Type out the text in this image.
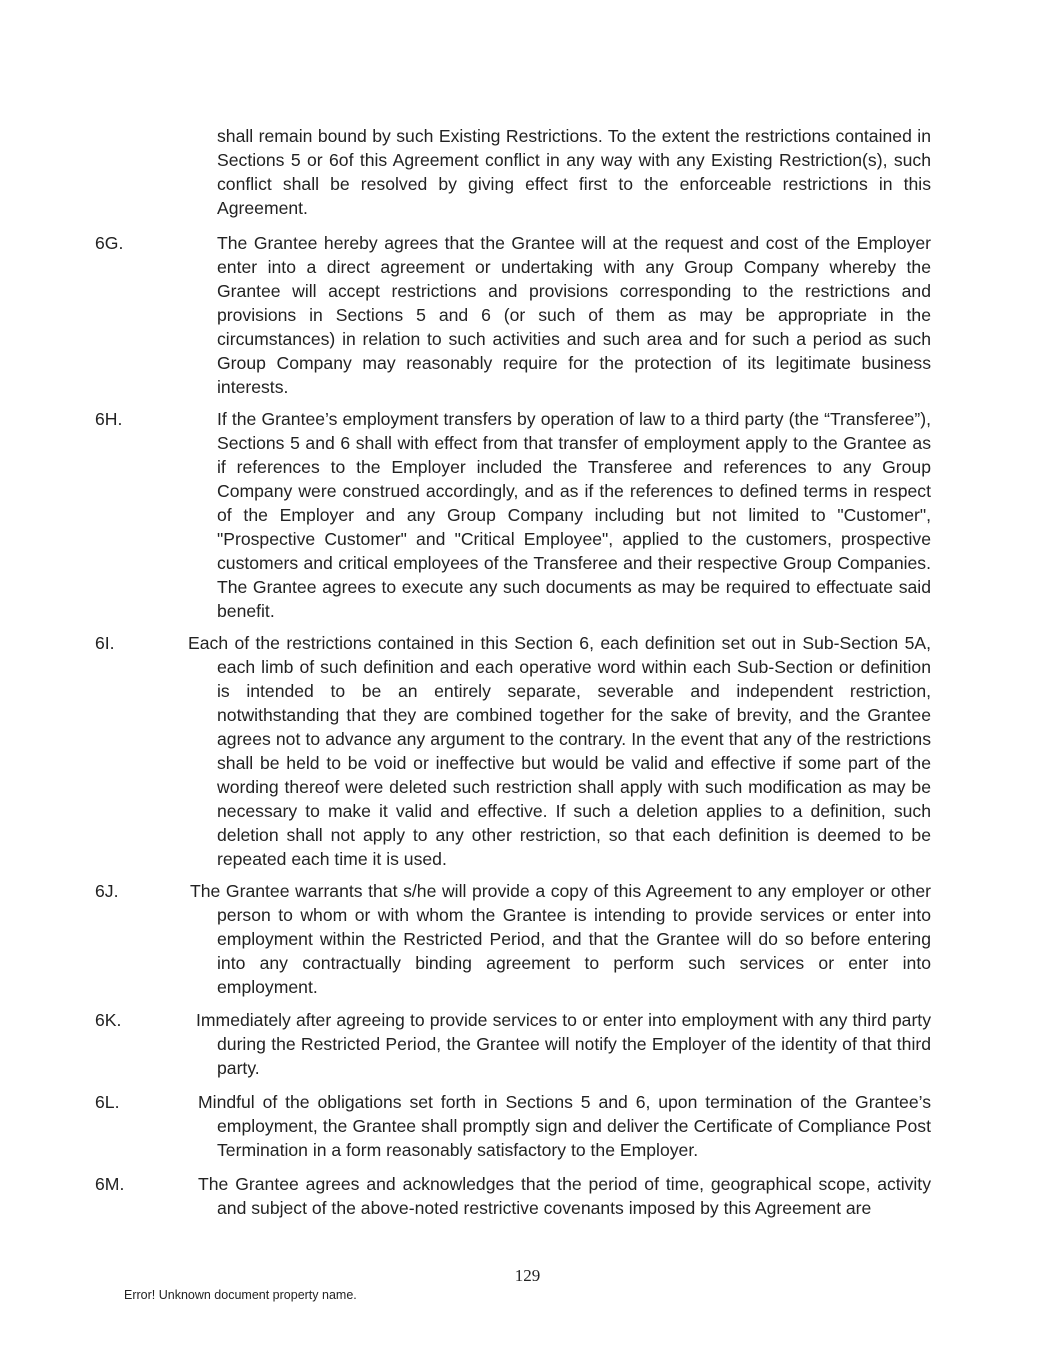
shall remain bound by such Existing Restrictions. To the extent the restrictions contained in Sections 5 or 6of this Agreement conflict in any way with any Existing Restriction(s), such conflict shall be resolved by giving effect first to the enforceable restrictions in this Agreement.
6G.	The Grantee hereby agrees that the Grantee will at the request and cost of the Employer enter into a direct agreement or undertaking with any Group Company whereby the Grantee will accept restrictions and provisions corresponding to the restrictions and provisions in Sections 5 and 6 (or such of them as may be appropriate in the circumstances) in relation to such activities and such area and for such a period as such Group Company may reasonably require for the protection of its legitimate business interests.
6H.	If the Grantee’s employment transfers by operation of law to a third party (the “Transferee”), Sections 5 and 6 shall with effect from that transfer of employment apply to the Grantee as if references to the Employer included the Transferee and references to any Group Company were construed accordingly, and as if the references to defined terms in respect of the Employer and any Group Company including but not limited to "Customer", "Prospective Customer" and "Critical Employee", applied to the customers, prospective customers and critical employees of the Transferee and their respective Group Companies. The Grantee agrees to execute any such documents as may be required to effectuate said benefit.
6I.	Each of the restrictions contained in this Section 6, each definition set out in Sub-Section 5A, each limb of such definition and each operative word within each Sub-Section or definition is intended to be an entirely separate, severable and independent restriction, notwithstanding that they are combined together for the sake of brevity, and the Grantee agrees not to advance any argument to the contrary. In the event that any of the restrictions shall be held to be void or ineffective but would be valid and effective if some part of the wording thereof were deleted such restriction shall apply with such modification as may be necessary to make it valid and effective. If such a deletion applies to a definition, such deletion shall not apply to any other restriction, so that each definition is deemed to be repeated each time it is used.
6J.	The Grantee warrants that s/he will provide a copy of this Agreement to any employer or other person to whom or with whom the Grantee is intending to provide services or enter into employment within the Restricted Period, and that the Grantee will do so before entering into any contractually binding agreement to perform such services or enter into employment.
6K.	Immediately after agreeing to provide services to or enter into employment with any third party during the Restricted Period, the Grantee will notify the Employer of the identity of that third party.
6L.	Mindful of the obligations set forth in Sections 5 and 6, upon termination of the Grantee’s employment, the Grantee shall promptly sign and deliver the Certificate of Compliance Post Termination in a form reasonably satisfactory to the Employer.
6M.	The Grantee agrees and acknowledges that the period of time, geographical scope, activity and subject of the above-noted restrictive covenants imposed by this Agreement are
129
Error! Unknown document property name.
